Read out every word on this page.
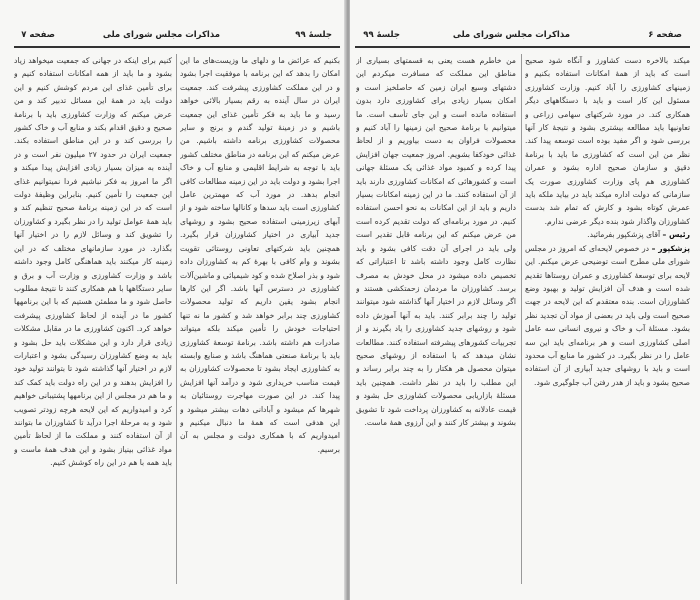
جلسهٔ ۹۹
مذاکرات مجلس شورای ملی
صفحه ۷

بکنیم که عرائض ما و دلهای ما وزیست‌های ما این امکان را بدهد که این برنامه با موفقیت اجرا بشود و در این مملکت کشاورزی پیشرفت کند. جمعیت ایران در سال آینده به رقم بسیار بالائی خواهد رسید و ما باید به فکر تأمین غذای این جمعیت باشیم و در زمینهٔ تولید گندم و برنج و سایر محصولات کشاورزی برنامه داشته باشیم. من عرض میکنم که این برنامه در مناطق مختلف کشور باید با توجه به شرایط اقلیمی و منابع آب و خاک اجرا بشود و دولت باید در این زمینه مطالعات کافی انجام بدهد. در مورد آب که مهمترین عامل کشاورزی است باید سدها و کانالها ساخته شود و از آبهای زیرزمینی استفاده صحیح بشود و روشهای جدید آبیاری در اختیار کشاورزان قرار بگیرد. همچنین باید شرکتهای تعاونی روستائی تقویت بشوند و وام کافی با بهرهٔ کم به کشاورزان داده شود و بذر اصلاح شده و کود شیمیائی و ماشین‌آلات کشاورزی در دسترس آنها باشد. اگر این کارها انجام بشود یقین داریم که تولید محصولات کشاورزی چند برابر خواهد شد و کشور ما نه تنها احتیاجات خودش را تأمین میکند بلکه میتواند صادرات هم داشته باشد. برنامهٔ توسعهٔ کشاورزی باید با برنامهٔ صنعتی هماهنگ باشد و صنایع وابسته به کشاورزی ایجاد بشود تا محصولات کشاورزان به قیمت مناسب خریداری شود و درآمد آنها افزایش پیدا کند. در این صورت مهاجرت روستائیان به شهرها کم میشود و آبادانی دهات بیشتر میشود و این هدفی است که همهٔ ما دنبال میکنیم و امیدواریم که با همکاری دولت و مجلس به آن برسیم.

کنیم برای اینکه در جهانی که جمعیت میخواهد زیاد بشود و ما باید از همه امکانات استفاده کنیم و برای تأمین غذای این مردم کوشش کنیم و این دولت باید در همهٔ این مسائل تدبیر کند و من عرض میکنم که وزارت کشاورزی باید با برنامهٔ صحیح و دقیق اقدام بکند و منابع آب و خاک کشور را بررسی کند و در این مناطق استفاده بکند. جمعیت ایران در حدود ۲۷ میلیون نفر است و در آینده به میزان بسیار زیادی افزایش پیدا میکند و اگر ما امروز به فکر نباشیم فردا نمیتوانیم غذای این جمعیت را تأمین کنیم. بنابراین وظیفهٔ دولت است که در این زمینه برنامهٔ صحیح تنظیم کند و باید همهٔ عوامل تولید را در نظر بگیرد و کشاورزان را تشویق کند و وسائل لازم را در اختیار آنها بگذارد. در مورد سازمانهای مختلف که در این زمینه کار میکنند باید هماهنگی کامل وجود داشته باشد و وزارت کشاورزی و وزارت آب و برق و سایر دستگاهها با هم همکاری کنند تا نتیجهٔ مطلوب حاصل شود و ما مطمئن هستیم که با این برنامهها کشور ما در آینده از لحاظ کشاورزی پیشرفت خواهد کرد. اکنون کشاورزی ما در مقابل مشکلات زیادی قرار دارد و این مشکلات باید حل بشود و باید به وضع کشاورزان رسیدگی بشود و اعتبارات لازم در اختیار آنها گذاشته شود تا بتوانند تولید خود را افزایش بدهند و در این راه دولت باید کمک کند و ما هم در مجلس از این برنامهها پشتیبانی خواهیم کرد و امیدواریم که این لایحه هرچه زودتر تصویب شود و به مرحلهٔ اجرا درآید تا کشاورزان ما بتوانند از آن استفاده کنند و مملکت ما از لحاظ تأمین مواد غذائی بینیاز بشود و این هدف همهٔ ماست و باید همه با هم در این راه کوشش کنیم.

صفحه ۶
مذاکرات مجلس شورای ملی
جلسهٔ ۹۹

میکند بالاخره دست کشاورز و آنگاه شود صحیح است که باید از همهٔ امکانات استفاده بکنیم و زمینهای کشاورزی را آباد کنیم. وزارت کشاورزی مسئول این کار است و باید با دستگاههای دیگر همکاری کند. در مورد شرکتهای سهامی زراعی و تعاونیها باید مطالعه بیشتری بشود و نتیجهٔ کار آنها بررسی شود و اگر مفید بوده است توسعه پیدا کند. نظر من این است که کشاورزی ما باید با برنامهٔ دقیق و سازمان صحیح اداره بشود و عمران کشاورزی هم پای وزارت کشاورزی صورت یک سازمانی که دولت اداره میکند باید در بیاید ملکه باید عمرش کوتاه بشود و کارش که تمام شد بدست کشاورزان واگذار شود بنده دیگر عرضی ندارم.

رئیس – آقای پزشکپور بفرمائید.

پزشکپور – در خصوص لایحه‌ای که امروز در مجلس شورای ملی مطرح است توضیحی عرض میکنم. این لایحه برای توسعهٔ کشاورزی و عمران روستاها تقدیم شده است و هدف آن افزایش تولید و بهبود وضع کشاورزان است. بنده معتقدم که این لایحه در جهت صحیح است ولی باید در بعضی از مواد آن تجدید نظر بشود. مسئلهٔ آب و خاک و نیروی انسانی سه عامل اصلی کشاورزی است و هر برنامه‌ای باید این سه عامل را در نظر بگیرد. در کشور ما منابع آب محدود است و باید با روشهای جدید آبیاری از آن استفاده صحیح بشود و باید از هدر رفتن آب جلوگیری شود.

من خاطرم هست یعنی به قسمتهای بسیاری از مناطق این مملکت که مسافرت میکردم این دشتهای وسیع ایران زمین که حاصلخیز است و امکان بسیار زیادی برای کشاورزی دارد بدون استفاده مانده است و این جای تأسف است. ما میتوانیم با برنامهٔ صحیح این زمینها را آباد کنیم و محصولات فراوان به دست بیاوریم و از لحاظ غذائی خودکفا بشویم. امروز جمعیت جهان افزایش پیدا کرده و کمبود مواد غذائی یک مسئلهٔ جهانی است و کشورهائی که امکانات کشاورزی دارند باید از آن استفاده کنند. ما در این زمینه امکانات بسیار داریم و باید از این امکانات به نحو احسن استفاده کنیم. در مورد برنامه‌ای که دولت تقدیم کرده است من عرض میکنم که این برنامه قابل تقدیر است ولی باید در اجرای آن دقت کافی بشود و باید نظارت کامل وجود داشته باشد تا اعتباراتی که تخصیص داده میشود در محل خودش به مصرف برسد. کشاورزان ما مردمان زحمتکشی هستند و اگر وسائل لازم در اختیار آنها گذاشته شود میتوانند تولید را چند برابر کنند. باید به آنها آموزش داده شود و روشهای جدید کشاورزی را یاد بگیرند و از تجربیات کشورهای پیشرفته استفاده کنند. مطالعات نشان میدهد که با استفاده از روشهای صحیح میتوان محصول هر هکتار را به چند برابر رساند و این مطلب را باید در نظر داشت. همچنین باید مسئلهٔ بازاریابی محصولات کشاورزی حل بشود و قیمت عادلانه به کشاورزان پرداخت شود تا تشویق بشوند و بیشتر کار کنند و این آرزوی همهٔ ماست.
